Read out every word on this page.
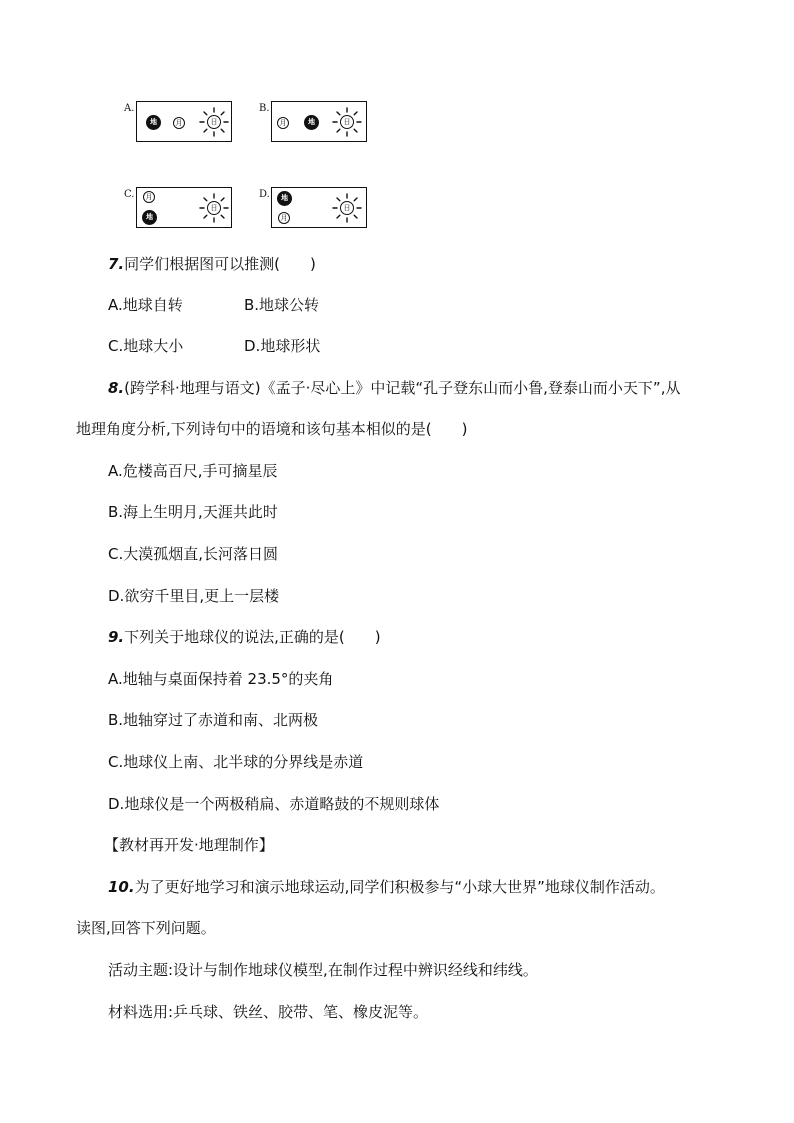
A.
地	月	日
B.
月	地	日
C.	月
地
日
D.	地
月
日
7.同学们根据图可以推测(　　)
A.地球自转	B.地球公转
C.地球大小	D.地球形状
8.(跨学科·地理与语文)《孟子·尽心上》中记载“孔子登东山而小鲁,登泰山而小天下”,从
地理角度分析,下列诗句中的语境和该句基本相似的是(　　)
A.危楼高百尺,手可摘星辰
B.海上生明月,天涯共此时
C.大漠孤烟直,长河落日圆
D.欲穷千里目,更上一层楼
9.下列关于地球仪的说法,正确的是(　　)
A.地轴与桌面保持着 23.5°的夹角
B.地轴穿过了赤道和南、北两极
C.地球仪上南、北半球的分界线是赤道
D.地球仪是一个两极稍扁、赤道略鼓的不规则球体
【教材再开发·地理制作】
10.为了更好地学习和演示地球运动,同学们积极参与“小球大世界”地球仪制作活动。
读图,回答下列问题。
活动主题:设计与制作地球仪模型,在制作过程中辨识经线和纬线。
材料选用:乒乓球、铁丝、胶带、笔、橡皮泥等。
